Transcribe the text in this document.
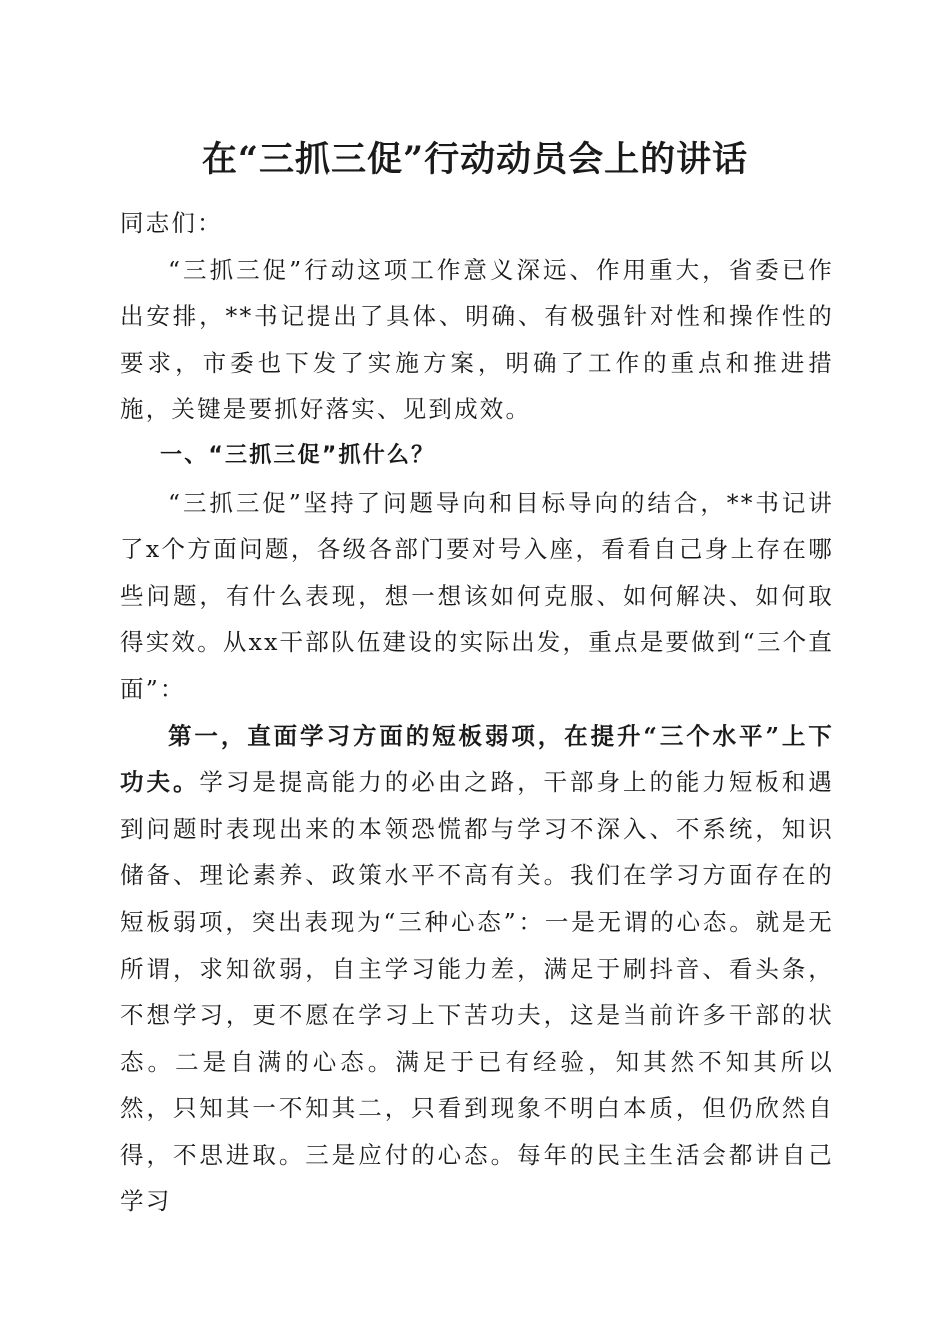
在“三抓三促”行动动员会上的讲话

同志们：

“三抓三促”行动这项工作意义深远、作用重大，省委已作出安排，**书记提出了具体、明确、有极强针对性和操作性的要求，市委也下发了实施方案，明确了工作的重点和推进措施，关键是要抓好落实、见到成效。

一、“三抓三促”抓什么？

“三抓三促”坚持了问题导向和目标导向的结合，**书记讲了x个方面问题，各级各部门要对号入座，看看自己身上存在哪些问题，有什么表现，想一想该如何克服、如何解决、如何取得实效。从xx干部队伍建设的实际出发，重点是要做到“三个直面”：

第一，直面学习方面的短板弱项，在提升“三个水平”上下功夫。学习是提高能力的必由之路，干部身上的能力短板和遇到问题时表现出来的本领恐慌都与学习不深入、不系统，知识储备、理论素养、政策水平不高有关。我们在学习方面存在的短板弱项，突出表现为“三种心态”：一是无谓的心态。就是无所谓，求知欲弱，自主学习能力差，满足于刷抖音、看头条，不想学习，更不愿在学习上下苦功夫，这是当前许多干部的状态。二是自满的心态。满足于已有经验，知其然不知其所以然，只知其一不知其二，只看到现象不明白本质，但仍欣然自得，不思进取。三是应付的心态。每年的民主生活会都讲自己学习
